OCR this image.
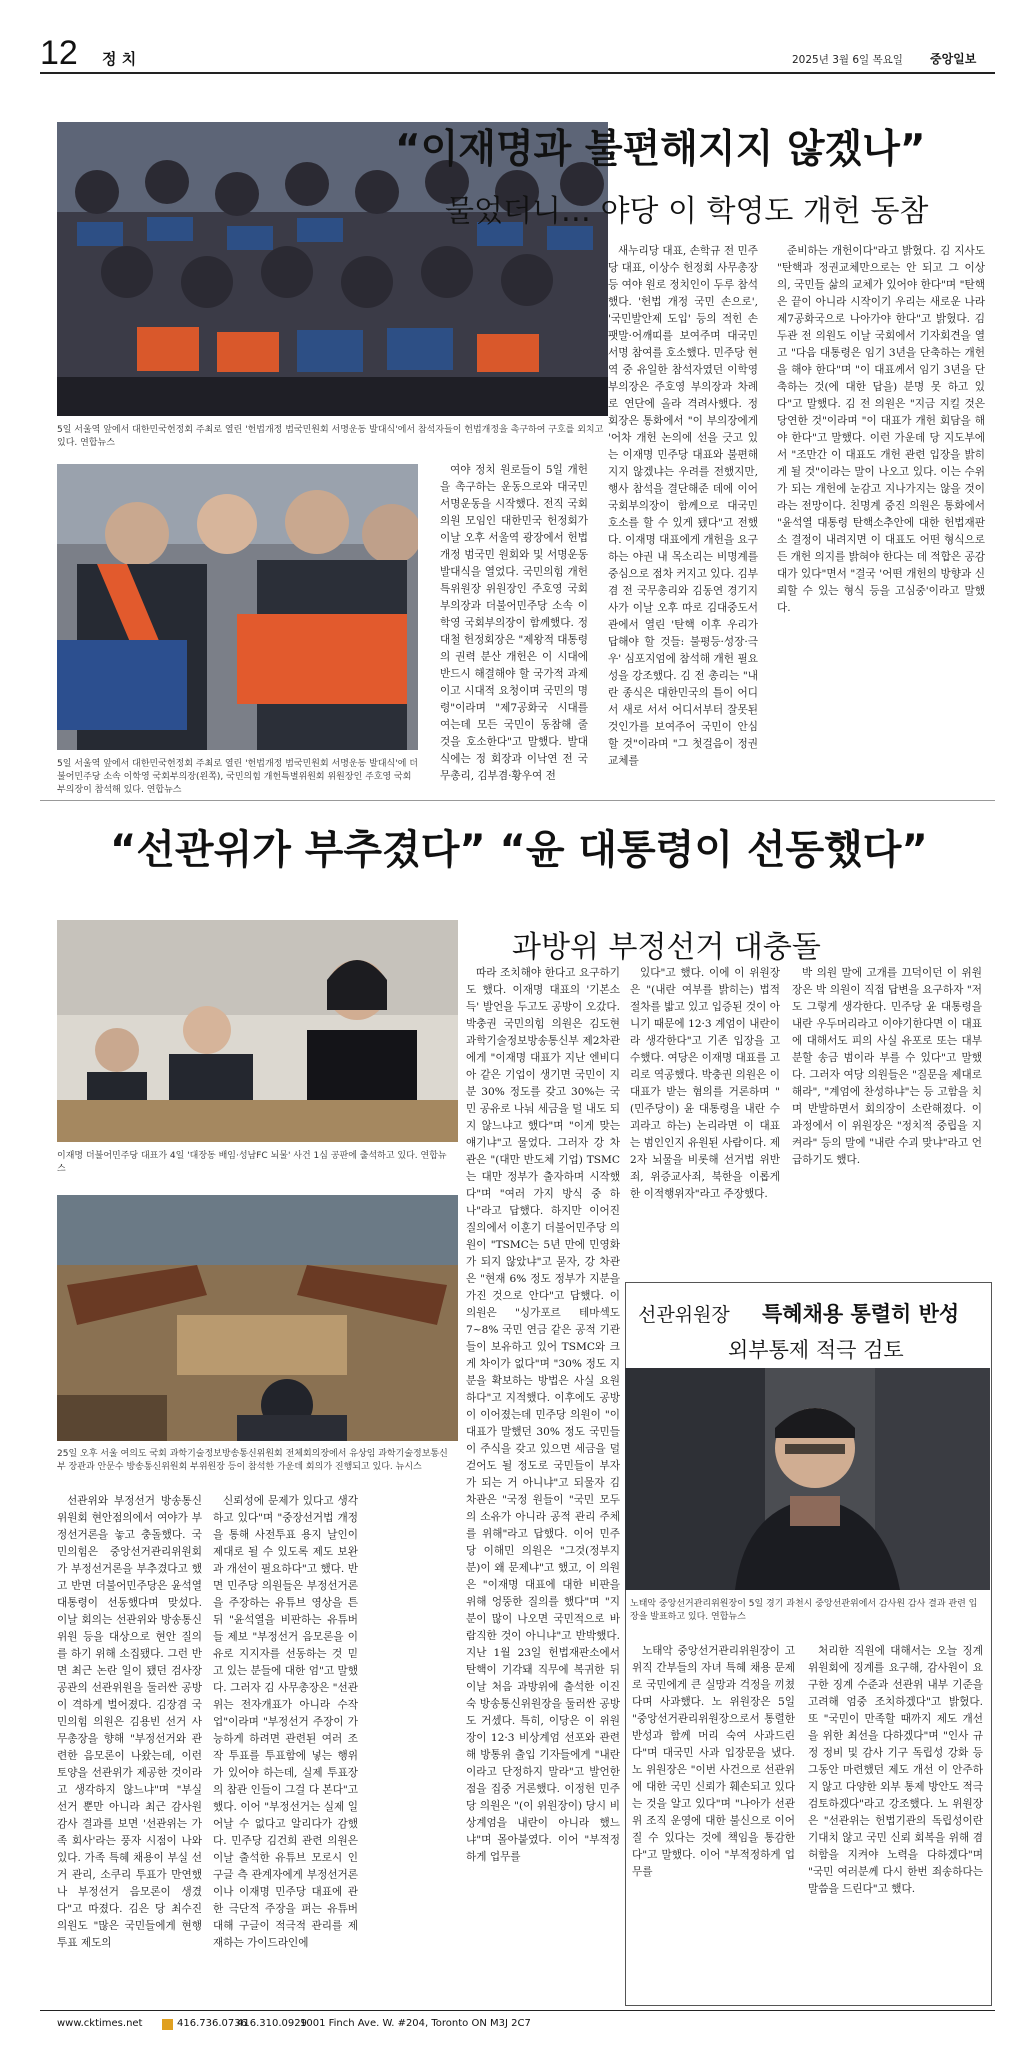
12 정 치	2025년 3월 6일 목요일 중앙일보
5일 서울역 앞에서 대한민국헌정회 주최로 열린 '헌법개정 범국민원회 서명운동 발대식'에서 참석자들이 헌법개정을 촉구하여 구호를 외치고 있다. 연합뉴스
“이재명과 불편해지지 않겠나”
물었더니… 야당 이 학영도 개헌 동참
5일 서울역 앞에서 대한민국헌정회 주최로 열린 '헌법개정 범국민원회 서명운동 발대식'에 더불어민주당 소속 이학영 국회부의장(왼쪽), 국민의힘 개헌특별위원회 위원장인 주호영 국회부의장이 참석해 있다. 연합뉴스

여야 정치 원로들이 5일 개헌을 촉구하는 운동으로와 대국민 서명운동을 시작했다. 전직 국회의원 모임인 대한민국 헌정회가 이날 오후 서울역 광장에서 헌법 개정 범국민 원회와 및 서명운동 발대식을 열었다. 국민의힘 개헌특위원장 위원장인 주호영 국회부의장과 더불어민주당 소속 이학영 국회부의장이 함께했다. 정대철 헌정회장은 "제왕적 대통령의 권력 분산 개헌은 이 시대에 반드시 해결해야 할 국가적 과제이고 시대적 요청이며 국민의 명령"이라며 "제7공화국 시대를 여는데 모든 국민이 동참해 줄 것을 호소한다"고 말했다. 발대식에는 정 회장과 이낙연 전 국무총리, 김부겸·황우여 전

새누리당 대표, 손학규 전 민주당 대표, 이상수 헌정회 사무총장 등 여야 원로 정치인이 두루 참석했다. '헌법 개정 국민 손으로', '국민발안제 도입' 등의 적힌 손팻말·어깨띠를 보여주며 대국민 서명 참여를 호소했다. 민주당 현역 중 유일한 참석자였던 이학영 부의장은 주호영 부의장과 차례로 연단에 올라 격려사했다. 정 회장은 통화에서 "이 부의장에게 '어차 개헌 논의에 선을 긋고 있는 이재명 민주당 대표와 불편해지지 않겠냐는 우려를 전했지만, 행사 참석을 결단해준 데에 이어 국회부의장이 함께으로 대국민 호소를 할 수 있게 됐다"고 전했다. 이재명 대표에게 개헌을 요구하는 야권 내 목소리는 비명계를 중심으로 점차 커지고 있다. 김부겸 전 국무총리와 김동연 경기지사가 이날 오후 따로 김대중도서관에서 열린 '탄핵 이후 우리가 답해야 할 것들: 불평등·성장·극우' 심포지엄에 참석해 개헌 필요성을 강조했다. 김 전 총리는 "내란 종식은 대한민국의 틀이 어디서 새로 서서 어디서부터 잘못된 것인가를 보여주어 국민이 안심할 것"이라며 "그 첫걸음이 정권교체를

준비하는 개헌이다"라고 밝혔다. 김 지사도 "탄핵과 정권교체만으로는 안 되고 그 이상의, 국민들 삶의 교체가 있어야 한다"며 "탄핵은 끝이 아니라 시작이기 우리는 새로운 나라 제7공화국으로 나아가야 한다"고 밝혔다. 김두관 전 의원도 이날 국회에서 기자회견을 열고 "다음 대통령은 임기 3년을 단축하는 개헌을 해야 한다"며 "이 대표께서 임기 3년을 단축하는 것(에 대한 답을) 분명 못 하고 있다"고 말했다. 김 전 의원은 "지금 지킬 것은 당연한 것"이라며 "이 대표가 개헌 회담을 해야 한다"고 말했다. 이런 가운데 당 지도부에서 "조만간 이 대표도 개헌 관련 입장을 밝히게 될 것"이라는 말이 나오고 있다. 이는 수위가 되는 개헌에 눈감고 지나가지는 않을 것이라는 전망이다. 친명계 중진 의원은 통화에서 "윤석열 대통령 탄핵소추안에 대한 헌법재판소 결정이 내려지면 이 대표도 어떤 형식으로든 개헌 의지를 밝혀야 한다는 데 적합은 공감대가 있다"면서 "결국 '어떤 개헌의 방향과 신뢰할 수 있는 형식 등을 고심중'이라고 말했다.

“선관위가 부추겼다” “윤 대통령이 선동했다”
과방위 부정선거 대충돌
이재명 더불어민주당 대표가 4일 '대장동 배임·성남FC 뇌물' 사건 1심 공판에 출석하고 있다. 연합뉴스
25일 오후 서울 여의도 국회 과학기술정보방송통신위원회 전체회의장에서 유상임 과학기술정보통신부 장관과 안문수 방송통신위원회 부위원장 등이 참석한 가운데 회의가 진행되고 있다. 뉴시스

선관위와 부정선거 방송통신위원회 현안점의에서 여야가 부정선거론을 놓고 충돌했다. 국민의힘은 중앙선거관리위원회가 부정선거론을 부추겼다고 했고 반면 더불어민주당은 윤석열 대통령이 선동했다며 맞섰다. 이날 회의는 선관위와 방송통신위원 등을 대상으로 현안 질의를 하기 위해 소집됐다. 그런 반면 최근 논란 일이 됐던 검사장 공관의 선관위원을 둘러싼 공방이 격하게 벌어졌다. 김장겸 국민의힘 의원은 김용빈 선거 사무총장을 향해 "부정선거와 관련한 음모론이 나왔는데, 이런 토양을 선관위가 제공한 것이라고 생각하지 않느냐"며 "부실 선거 뿐만 아니라 최근 감사원 감사 결과를 보면 '선관위는 가족 회사'라는 풍자 시점이 나와 있다. 가족 특혜 채용이 부실 선거 관리, 소쿠리 투표가 만연했나 부정선거 음모론이 생겼다"고 따졌다. 김은 당 최수진 의원도 "많은 국민들에게 현행 투표 제도의

신뢰성에 문제가 있다고 생각하고 있다"며 "중장선거법 개정을 통해 사전투표 용지 날인이 제대로 될 수 있도록 제도 보완과 개선이 필요하다"고 했다. 반면 민주당 의원들은 부정선거론을 주장하는 유튜브 영상을 튼 뒤 "윤석열을 비판하는 유튜버들 제보 "부정선거 음모론을 이유로 지지자를 선동하는 것 믿고 있는 분들에 대한 엄"고 말했다. 그러자 김 사무총장은 "선관위는 전자개표가 아니라 수작업"이라며 "부정선거 주장이 가능하게 하려면 관련된 여러 조작 투표를 투표함에 넣는 행위가 있어야 하는데, 실제 투표장의 참관 인들이 그걸 다 본다"고 했다. 이어 "부정선거는 실제 일어날 수 없다고 알리다가 감했다. 민주당 김건희 관련 의원은 이날 출석한 유튜브 모로시 인 구글 측 관계자에게 부정선거론이나 이재명 민주당 대표에 관한 극단적 주장을 펴는 유튜버 대해 구글이 적극적 관리를 제재하는 가이드라인에

따라 조치해야 한다고 요구하기도 했다. 이재명 대표의 '기본소득' 발언을 두고도 공방이 오갔다. 박충권 국민의힘 의원은 김도현 과학기술정보방송통신부 제2차관에게 "이재명 대표가 지난 엔비디아 같은 기업이 생기면 국민이 지분 30% 정도를 갖고 30%는 국민 공유로 나눠 세금을 덜 내도 되지 않느냐고 했다"며 "이게 맞는 얘기냐"고 물었다. 그러자 강 차관은 "(대만 반도체 기업) TSMC는 대만 정부가 출자하며 시작했다"며 "여러 가지 방식 중 하나"라고 답했다. 하지만 이어진 질의에서 이훈기 더불어민주당 의원이 "TSMC는 5년 만에 민영화가 되지 않았냐"고 묻자, 강 차관은 "현재 6% 정도 정부가 지분을 가진 것으로 안다"고 답했다. 이 의원은 "싱가포르 테마섹도 7~8% 국민 연금 같은 공적 기관들이 보유하고 있어 TSMC와 크게 차이가 없다"며 "30% 정도 지분을 확보하는 방법은 사실 요원하다"고 지적했다. 이후에도 공방이 이어졌는데 민주당 의원이 "이 대표가 말했던 30% 정도 국민들이 주식을 갖고 있으면 세금을 덜 걷어도 될 정도로 국민들이 부자가 되는 거 아니냐"고 되물자 김 차관은 "국정 원들이 "국민 모두의 소유가 아니라 공적 관리 주체를 위해"라고 답했다. 이어 민주당 이해민 의원은 "그것(정부지분)이 왜 문제냐"고 했고, 이 의원은 "이재명 대표에 대한 비판을 위해 엉뚱한 질의를 했다"며 "지분이 많이 나오면 국민적으로 바람직한 것이 아니냐"고 반박했다. 지난 1월 23일 헌법재판소에서 탄핵이 기각돼 직무에 복귀한 뒤 이날 처음 과방위에 출석한 이진숙 방송통신위원장을 둘러싼 공방도 거셌다. 특히, 이당은 이 위원장이 12·3 비상계엄 선포와 관련해 방통위 출입 기자들에게 "내란이라고 단정하지 말라"고 발언한 점을 집중 거론했다. 이정헌 민주당 의원은 "(이 위원장이) 당시 비상계엄을 내란이 아니라 했느냐"며 몰아붙였다. 이어 "부적정하게 업무를

있다"고 했다. 이에 이 위원장은 "(내란 여부를 밝히는) 법적 절차를 밟고 있고 입증된 것이 아니기 때문에 12·3 계엄이 내란이라 생각한다"고 기존 입장을 고수했다. 여당은 이재명 대표를 고리로 역공했다. 박충권 의원은 이 대표가 받는 혐의를 거론하며 "(민주당이) 윤 대통령을 내란 수괴라고 하는) 논리라면 이 대표는 범인인지 유원된 사람이다. 제2자 뇌물을 비롯해 선거법 위반죄, 위증교사죄, 북한을 이롭게 한 이적행위자"라고 주장했다.

박 의원 말에 고개를 끄덕이던 이 위원장은 박 의원이 직접 답변을 요구하자 "저도 그렇게 생각한다. 민주당 윤 대통령을 내란 우두머리라고 이야기한다면 이 대표에 대해서도 피의 사실 유포로 또는 대부 분할 송금 범이라 부를 수 있다"고 말했다. 그러자 여당 의원들은 "질문을 제대로 해라", "계엄에 찬성하냐"는 등 고함을 치며 반발하면서 회의장이 소란해졌다. 이 과정에서 이 위원장은 "정치적 중립을 지켜라" 등의 말에 "내란 수괴 맞냐"라고 언급하기도 했다.

선관위원장 특혜채용 통렬히 반성
외부통제 적극 검토
노태악 중앙선거관리위원장이 5일 경기 과천시 중앙선관위에서 감사원 감사 결과 관련 입장을 발표하고 있다. 연합뉴스

노태악 중앙선거관리위원장이 고위직 간부들의 자녀 특혜 채용 문제로 국민에게 큰 실망과 걱정을 끼쳤다며 사과했다. 노 위원장은 5일 "중앙선거관리위원장으로서 통렬한 반성과 함께 머리 숙여 사과드린다"며 대국민 사과 입장문을 냈다. 노 위원장은 "이번 사건으로 선관위에 대한 국민 신뢰가 훼손되고 있다는 것을 알고 있다"며 "나아가 선관위 조직 운영에 대한 불신으로 이어질 수 있다는 것에 책임을 통감한다"고 말했다. 이어 "부적정하게 업무를

처리한 직원에 대해서는 오늘 징계위원회에 징계를 요구해, 감사원이 요구한 징계 수준과 선관위 내부 기준을 고려해 엄중 조치하겠다"고 밝혔다. 또 "국민이 만족할 때까지 제도 개선을 위한 최선을 다하겠다"며 "인사 규정 정비 및 감사 기구 독립성 강화 등 그동안 마련했던 제도 개선 이 안주하지 않고 다양한 외부 통제 방안도 적극 검토하겠다"라고 강조했다. 노 위원장은 "선관위는 헌법기관의 독립성이란 기대치 않고 국민 신뢰 회복을 위해 겸허함을 지켜야 노력을 다하겠다"며 "국민 여러분께 다시 한번 죄송하다는 말씀을 드린다"고 했다.

www.cktimes.net	416.736.0736
416.310.0929
1001 Finch Ave. W. #204, Toronto ON M3J 2C7
